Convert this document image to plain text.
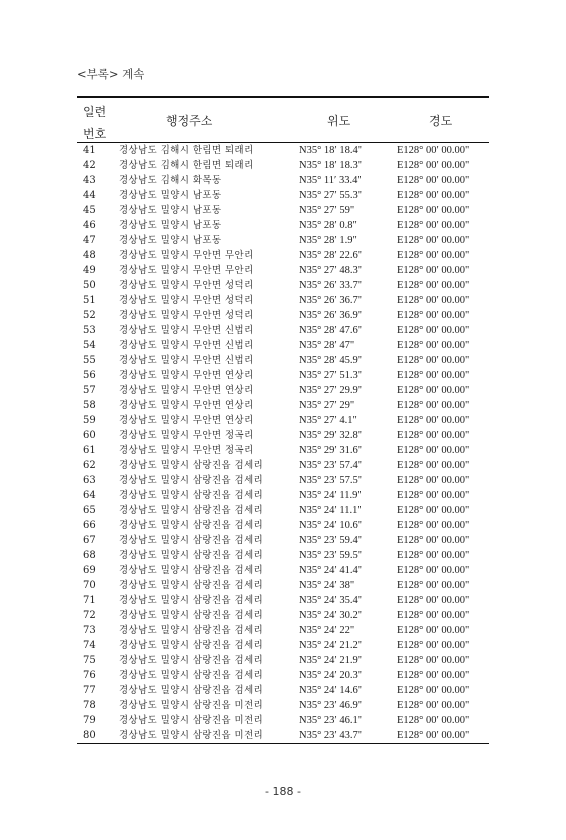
<부록> 계속
일련
번호
행정주소	위도	경도
41	경상남도 김해시 한림면 퇴래리	N35° 18′ 18.4"	E128° 00′ 00.00"
42	경상남도 김해시 한림면 퇴래리	N35° 18′ 18.3"	E128° 00′ 00.00"
43	경상남도 김해시 화목동	N35° 11′ 33.4"	E128° 00′ 00.00"
44	경상남도 밀양시 남포동	N35° 27′ 55.3"	E128° 00′ 00.00"
45	경상남도 밀양시 남포동	N35° 27′ 59"	E128° 00′ 00.00"
46	경상남도 밀양시 남포동	N35° 28′ 0.8"	E128° 00′ 00.00"
47	경상남도 밀양시 남포동	N35° 28′ 1.9"	E128° 00′ 00.00"
48	경상남도 밀양시 무안면 무안리	N35° 28′ 22.6"	E128° 00′ 00.00"
49	경상남도 밀양시 무안면 무안리	N35° 27′ 48.3"	E128° 00′ 00.00"
50	경상남도 밀양시 무안면 성덕리	N35° 26′ 33.7"	E128° 00′ 00.00"
51	경상남도 밀양시 무안면 성덕리	N35° 26′ 36.7"	E128° 00′ 00.00"
52	경상남도 밀양시 무안면 성덕리	N35° 26′ 36.9"	E128° 00′ 00.00"
53	경상남도 밀양시 무안면 신법리	N35° 28′ 47.6"	E128° 00′ 00.00"
54	경상남도 밀양시 무안면 신법리	N35° 28′ 47"	E128° 00′ 00.00"
55	경상남도 밀양시 무안면 신법리	N35° 28′ 45.9"	E128° 00′ 00.00"
56	경상남도 밀양시 무안면 연상리	N35° 27′ 51.3"	E128° 00′ 00.00"
57	경상남도 밀양시 무안면 연상리	N35° 27′ 29.9"	E128° 00′ 00.00"
58	경상남도 밀양시 무안면 연상리	N35° 27′ 29"	E128° 00′ 00.00"
59	경상남도 밀양시 무안면 연상리	N35° 27′ 4.1"	E128° 00′ 00.00"
60	경상남도 밀양시 무안면 정곡리	N35° 29′ 32.8"	E128° 00′ 00.00"
61	경상남도 밀양시 무안면 정곡리	N35° 29′ 31.6"	E128° 00′ 00.00"
62	경상남도 밀양시 삼랑진읍 검세리	N35° 23′ 57.4"	E128° 00′ 00.00"
63	경상남도 밀양시 삼랑진읍 검세리	N35° 23′ 57.5"	E128° 00′ 00.00"
64	경상남도 밀양시 삼랑진읍 검세리	N35° 24′ 11.9"	E128° 00′ 00.00"
65	경상남도 밀양시 삼랑진읍 검세리	N35° 24′ 11.1"	E128° 00′ 00.00"
66	경상남도 밀양시 삼랑진읍 검세리	N35° 24′ 10.6"	E128° 00′ 00.00"
67	경상남도 밀양시 삼랑진읍 검세리	N35° 23′ 59.4"	E128° 00′ 00.00"
68	경상남도 밀양시 삼랑진읍 검세리	N35° 23′ 59.5"	E128° 00′ 00.00"
69	경상남도 밀양시 삼랑진읍 검세리	N35° 24′ 41.4"	E128° 00′ 00.00"
70	경상남도 밀양시 삼랑진읍 검세리	N35° 24′ 38"	E128° 00′ 00.00"
71	경상남도 밀양시 삼랑진읍 검세리	N35° 24′ 35.4"	E128° 00′ 00.00"
72	경상남도 밀양시 삼랑진읍 검세리	N35° 24′ 30.2"	E128° 00′ 00.00"
73	경상남도 밀양시 삼랑진읍 검세리	N35° 24′ 22"	E128° 00′ 00.00"
74	경상남도 밀양시 삼랑진읍 검세리	N35° 24′ 21.2"	E128° 00′ 00.00"
75	경상남도 밀양시 삼랑진읍 검세리	N35° 24′ 21.9"	E128° 00′ 00.00"
76	경상남도 밀양시 삼랑진읍 검세리	N35° 24′ 20.3"	E128° 00′ 00.00"
77	경상남도 밀양시 삼랑진읍 검세리	N35° 24′ 14.6"	E128° 00′ 00.00"
78	경상남도 밀양시 삼랑진읍 미전리	N35° 23′ 46.9"	E128° 00′ 00.00"
79	경상남도 밀양시 삼랑진읍 미전리	N35° 23′ 46.1"	E128° 00′ 00.00"
80	경상남도 밀양시 삼랑진읍 미전리	N35° 23′ 43.7"	E128° 00′ 00.00"
- 188 -
